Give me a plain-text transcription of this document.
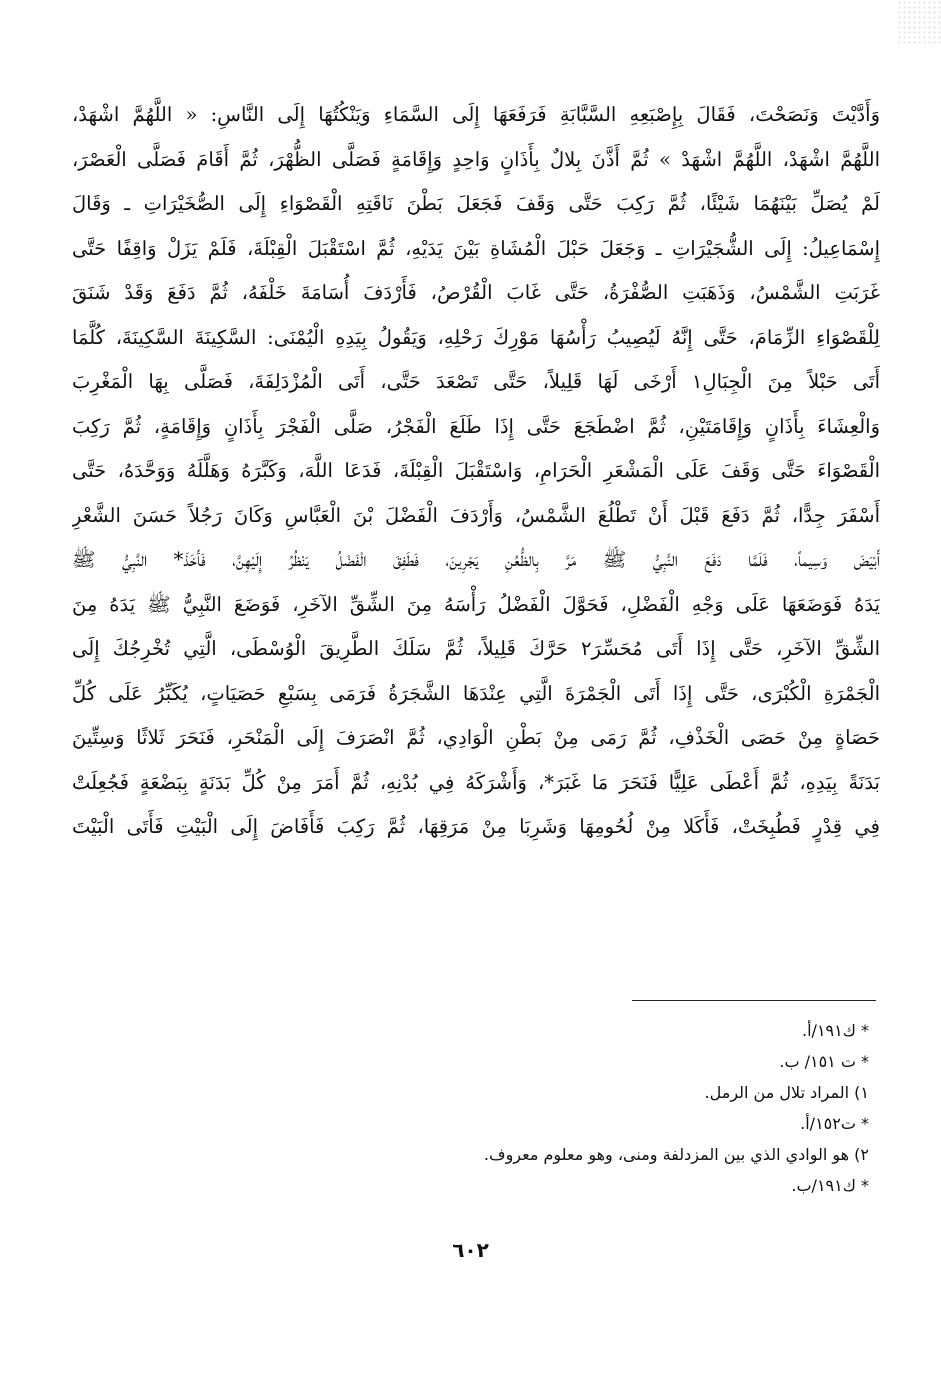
وَأَدَّيْتَ وَنَصَحْتَ، فَقَالَ بِإِصْبَعِهِ السَّبَّابَةِ فَرَفَعَهَا إِلَى السَّمَاءِ وَيَنْكُتُهَا إِلَى النَّاسِ: « اللَّهُمَّ اشْهَدْ،
اللَّهُمَّ اشْهَدْ، اللَّهُمَّ اشْهَدْ » ثُمَّ أَذَّنَ بِلالٌ بِأَذَانٍ وَاحِدٍ وَإِقَامَةٍ فَصَلَّى الظُّهْرَ، ثُمَّ أَقَامَ فَصَلَّى الْعَصْرَ،
لَمْ يُصَلِّ بَيْنَهُمَا شَيْئًا، ثُمَّ رَكِبَ حَتَّى وَقَفَ فَجَعَلَ بَطْنَ نَاقَتِهِ الْقَصْوَاءِ إِلَى الصُّخَيْرَاتِ ـ وَقَالَ
إِسْمَاعِيلُ: إِلَى الشُّجَيْرَاتِ ـ وَجَعَلَ حَبْلَ الْمُشَاةِ بَيْنَ يَدَيْهِ، ثُمَّ اسْتَقْبَلَ الْقِبْلَةَ، فَلَمْ يَزَلْ وَاقِفًا حَتَّى
غَرَبَتِ الشَّمْسُ، وَذَهَبَتِ الصُّفْرَةُ، حَتَّى غَابَ الْقُرْصُ، فَأَرْدَفَ أُسَامَةَ خَلْفَهُ، ثُمَّ دَفَعَ وَقَدْ شَنَقَ
لِلْقَصْوَاءِ الزِّمَامَ، حَتَّى إِنَّهُ لَيُصِيبُ رَأْسُهَا مَوْرِكَ رَحْلِهِ، وَيَقُولُ بِيَدِهِ الْيُمْنَى: السَّكِينَةَ السَّكِينَةَ، كُلَّمَا
أَتَى حَبْلاً مِنَ الْجِبَالِ١ أَرْخَى لَهَا قَلِيلاً، حَتَّى تَصْعَدَ حَتَّى، أَتَى الْمُزْدَلِفَةَ، فَصَلَّى بِهَا الْمَغْرِبَ
وَالْعِشَاءَ بِأَذَانٍ وَإِقَامَتَيْنِ، ثُمَّ اضْطَجَعَ حَتَّى إِذَا طَلَعَ الْفَجْرُ، صَلَّى الْفَجْرَ بِأَذَانٍ وَإِقَامَةٍ، ثُمَّ رَكِبَ
الْقَصْوَاءَ حَتَّى وَقَفَ عَلَى الْمَشْعَرِ الْحَرَامِ، وَاسْتَقْبَلَ الْقِبْلَةَ، فَدَعَا اللَّهَ، وَكَبَّرَهُ وَهَلَّلَهُ وَوَحَّدَهُ، حَتَّى
أَسْفَرَ جِدًّا، ثُمَّ دَفَعَ قَبْلَ أَنْ تَطْلُعَ الشَّمْسُ، وَأَرْدَفَ الْفَضْلَ بْنَ الْعَبَّاسِ وَكَانَ رَجُلاً حَسَنَ الشَّعْرِ
أَبْيَضَ وَسِيماً، فَلَمَّا دَفَعَ النَّبِيُّ ﷺ مَرَّ بِالظُّعُنِ يَجْرِينَ، فَطَفِقَ الْفَضْلُ يَنْظُرُ إِلَيْهِنَّ، فَأَخَذَ* النَّبِيُّ ﷺ
يَدَهُ فَوَضَعَهَا عَلَى وَجْهِ الْفَضْلِ، فَحَوَّلَ الْفَضْلُ رَأْسَهُ مِنَ الشِّقِّ الآخَرِ، فَوَضَعَ النَّبِيُّ ﷺ يَدَهُ مِنَ
الشِّقِّ الآخَرِ، حَتَّى إِذَا أَتَى مُحَسِّرَ٢ حَرَّكَ قَلِيلاً، ثُمَّ سَلَكَ الطَّرِيقَ الْوُسْطَى، الَّتِي تُخْرِجُكَ إِلَى
الْجَمْرَةِ الْكُبْرَى، حَتَّى إِذَا أَتَى الْجَمْرَةَ الَّتِي عِنْدَهَا الشَّجَرَةُ فَرَمَى بِسَبْعِ حَصَيَاتٍ، يُكَبِّرُ عَلَى كُلِّ
حَصَاةٍ مِنْ حَصَى الْخَذْفِ، ثُمَّ رَمَى مِنْ بَطْنِ الْوَادِي، ثُمَّ انْصَرَفَ إِلَى الْمَنْحَرِ، فَنَحَرَ ثَلاثًا وَسِتِّينَ
بَدَنَةً بِيَدِهِ، ثُمَّ أَعْطَى عَلِيًّا فَنَحَرَ مَا غَبَرَ*، وَأَشْرَكَهُ فِي بُدْنِهِ، ثُمَّ أَمَرَ مِنْ كُلِّ بَدَنَةٍ بِبَضْعَةٍ فَجُعِلَتْ
فِي قِدْرٍ فَطُبِخَتْ، فَأَكَلا مِنْ لُحُومِهَا وَشَرِبَا مِنْ مَرَقِهَا، ثُمَّ رَكِبَ فَأَفَاضَ إِلَى الْبَيْتِ فَأَتَى الْبَيْتَ
* ك١٩١/أ.
* ت ١٥١/ ب.
١) المراد تلال من الرمل.
* ت١٥٢/أ.
٢) هو الوادي الذي بين المزدلفة ومنى، وهو معلوم معروف.
* ك١٩١/ب.
٦٠٢
